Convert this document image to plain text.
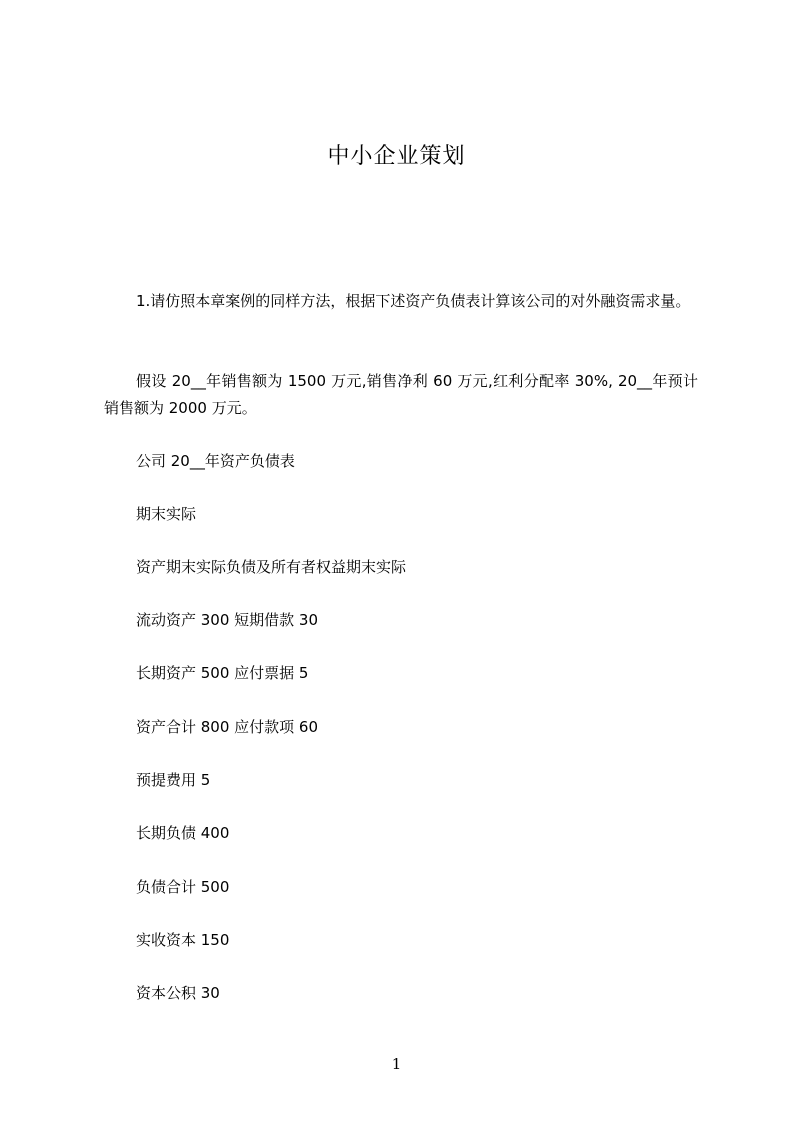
中小企业策划

1.请仿照本章案例的同样方法，根据下述资产负债表计算该公司的对外融资需求量。

假设 20__年销售额为 1500 万元,销售净利 60 万元,红利分配率 30%, 20__年预计销售额为 2000 万元。

公司 20__年资产负债表

期末实际

资产期末实际负债及所有者权益期末实际

流动资产 300 短期借款 30

长期资产 500 应付票据 5

资产合计 800 应付款项 60

预提费用 5

长期负债 400

负债合计 500

实收资本 150

资本公积 30

1
